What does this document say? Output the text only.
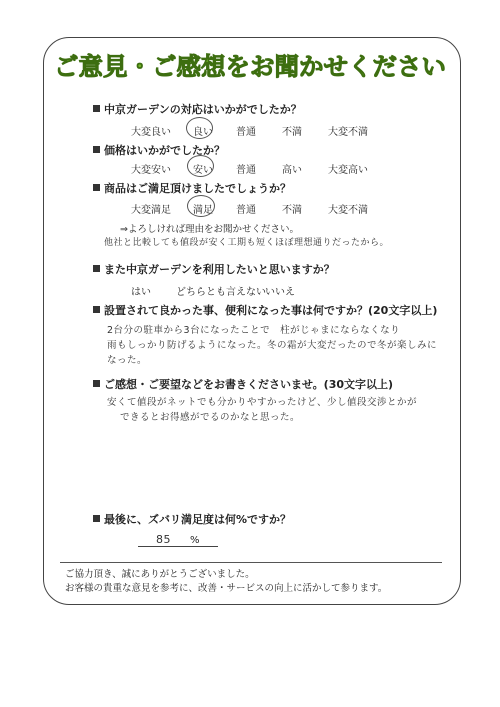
ご意見・ご感想をお聞かせください
中京ガーデンの対応はいかがでしたか？
大変良い 良い 普通	不満	大変不満
価格はいかがでしたか？
大変安い 安い 普通	高い	大変高い
商品はご満足頂けましたでしょうか？
大変満足 満足 普通	不満	大変不満
⇒よろしければ理由をお聞かせください。
他社と比較しても値段が安く工期も短くほぼ理想通りだったから。
また中京ガーデンを利用したいと思いますか？
はい	どちらとも言えない いいえ
設置されて良かった事、便利になった事は何ですか？(20文字以上)
2台分の駐車から3台になったことで　柱がじゃまにならなくなり
雨もしっかり防げるようになった。冬の霜が大変だったので冬が楽しみに
なった。
ご感想・ご要望などをお書きくださいませ。(30文字以上)
安くて値段がネットでも分かりやすかったけど、少し値段交渉とかが
できるとお得感がでるのかなと思った。
最後に、ズバリ満足度は何%ですか？
85 %
ご協力頂き、誠にありがとうございました。
お客様の貴重な意見を参考に、改善・サービスの向上に活かして参ります。
